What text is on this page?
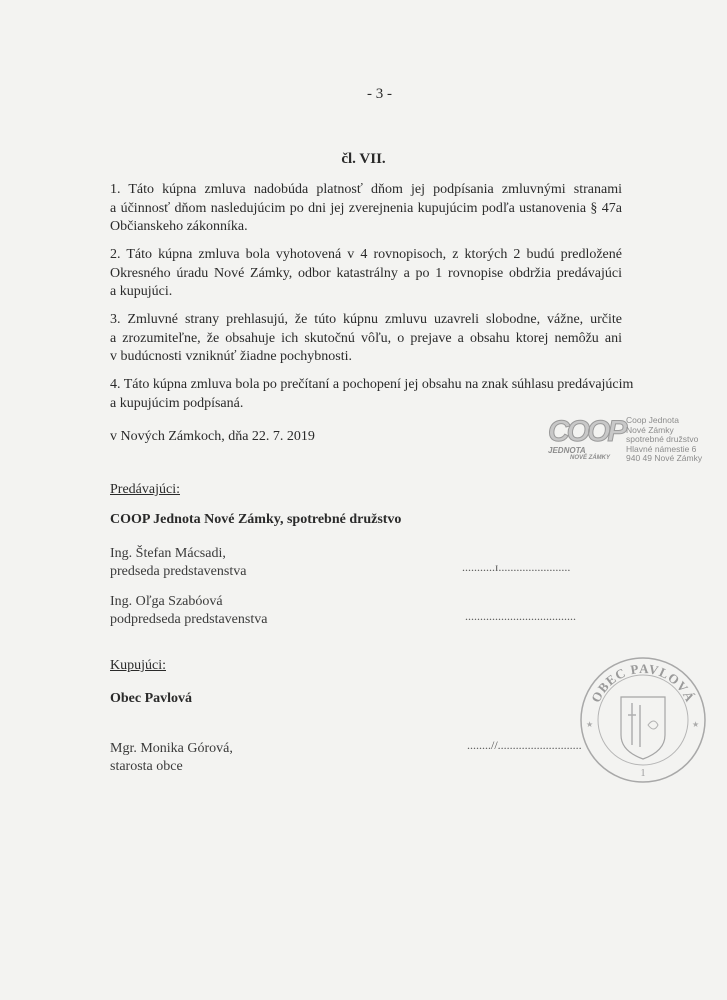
- 3 -
čl. VII.
1. Táto kúpna zmluva nadobúda platnosť dňom jej podpísania zmluvnými stranami
a účinnosť dňom nasledujúcim po dni jej zverejnenia kupujúcim podľa ustanovenia § 47a
Občianskeho zákonníka.
2. Táto kúpna zmluva bola vyhotovená v 4 rovnopisoch, z ktorých 2 budú predložené
Okresného úradu Nové Zámky, odbor katastrálny a po 1 rovnopise obdržia predávajúci
a kupujúci.
3. Zmluvné strany prehlasujú, že túto kúpnu zmluvu uzavreli slobodne, vážne, určite
a zrozumiteľne, že obsahuje ich skutočnú vôľu, o prejave a obsahu ktorej nemôžu ani
v budúcnosti vzniknúť žiadne pochybnosti.
4. Táto kúpna zmluva bola po prečítaní a pochopení jej obsahu na znak súhlasu predávajúcim
a kupujúcim podpísaná.
v Nových Zámkoch, dňa 22. 7. 2019	COOP
JEDNOTA
NOVÉ ZÁMKY
Coop Jednota
Nové Zámky
spotrebné družstvo
Hlavné námestie 6
940 49 Nové Zámky
Predávajúci:
COOP Jednota Nové Zámky, spotrebné družstvo
Ing. Štefan Mácsadi,
predseda predstavenstva	...........ɪ........................
Ing. Oľga Szabóová
podpredseda predstavenstva	.....................................
Kupujúci:
Obec Pavlová
Mgr. Monika Górová,
starosta obce
........//............................
OBEC PAVLOVÁ
★	★
1
